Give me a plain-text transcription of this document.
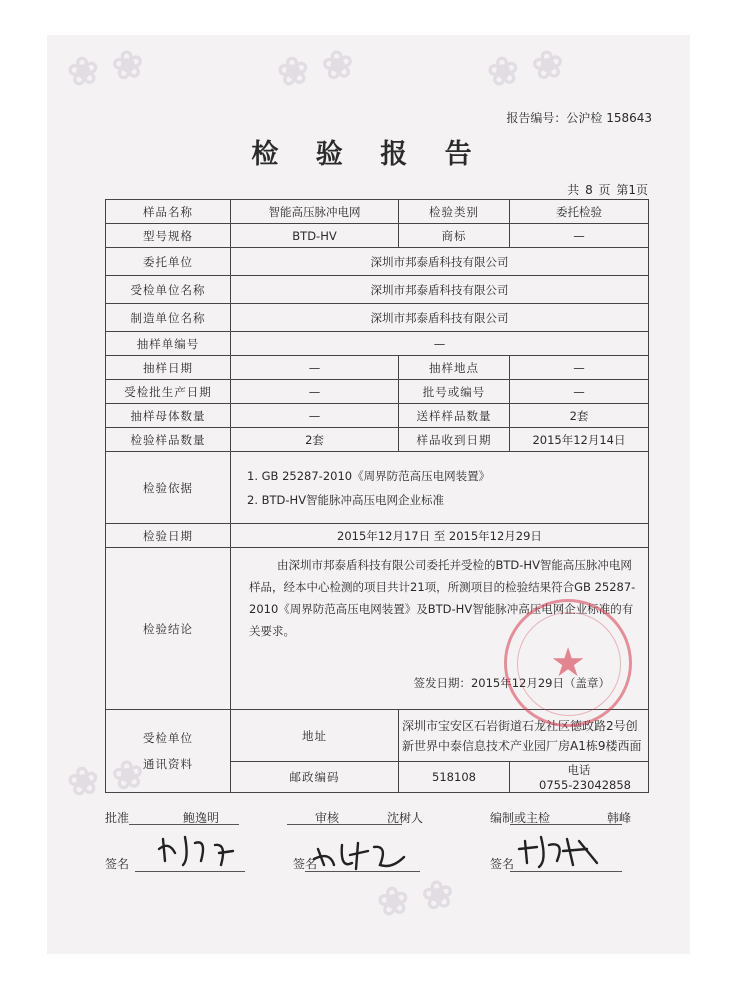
❀ ❀	❀ ❀	❀ ❀
❀ ❀
❀ ❀
报告编号：公沪检 158643
检 验 报 告
共 8 页 第1页
样品名称	智能高压脉冲电网	检验类别	委托检验
型号规格	BTD-HV	商标	—
委托单位	深圳市邦泰盾科技有限公司		
受检单位名称	深圳市邦泰盾科技有限公司		
制造单位名称	深圳市邦泰盾科技有限公司		
抽样单编号	—		
抽样日期	—	抽样地点	—
受检批生产日期	—	批号或编号	—
抽样母体数量	—	送样样品数量	2套
检验样品数量	2套	样品收到日期	2015年12月14日
检验依据	1. GB 25287-2010《周界防范高压电网装置》
2. BTD-HV智能脉冲高压电网企业标准		

检验日期	2015年12月17日 至 2015年12月29日		
检验结论	由深圳市邦泰盾科技有限公司委托并受检的BTD-HV智能高压脉冲电网样品，经本中心检测的项目共计21项，所测项目的检验结果符合GB 25287-2010《周界防范高压电网装置》及BTD-HV智能脉冲高压电网企业标准的有关要求。
签发日期：2015年12月29日（盖章）		

受检单位
通讯资料	地址	深圳市宝安区石岩街道石龙社区德政路2号创新世界中泰信息技术产业园厂房A1栋9楼西面	
	邮政编码	518108	电话0755-23042858
★
批准	鲍逸明	审核	沈树人	编制或主检	韩峰
签名	签名	签名
